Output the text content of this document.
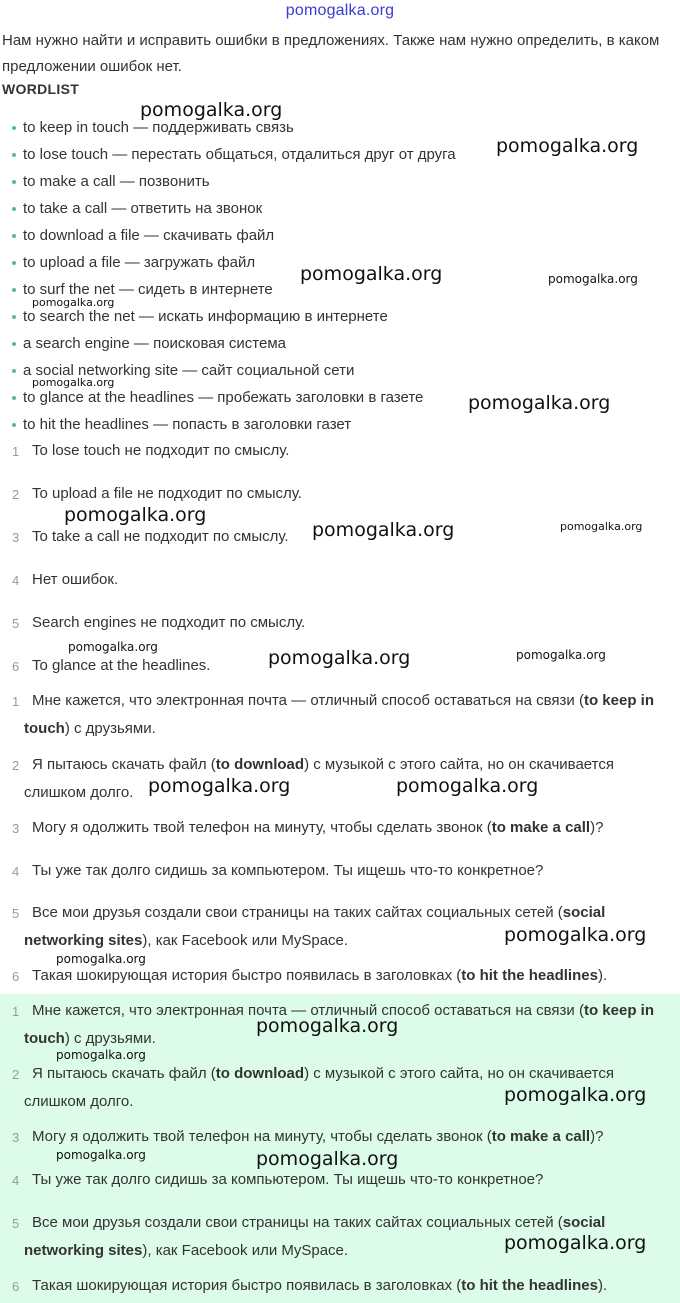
pomogalka.org
Нам нужно найти и исправить ошибки в предложениях. Также нам нужно определить, в каком предложении ошибок нет.
WORDLIST
to keep in touch — поддерживать связь
to lose touch — перестать общаться, отдалиться друг от друга
to make a call — позвонить
to take a call — ответить на звонок
to download a file — скачивать файл
to upload a file — загружать файл
to surf the net — сидеть в интернете
to search the net — искать информацию в интернете
a search engine — поисковая система
a social networking site — сайт социальной сети
to glance at the headlines — пробежать заголовки в газете
to hit the headlines — попасть в заголовки газет
1 To lose touch не подходит по смыслу.
2 To upload a file не подходит по смыслу.
3 To take a call не подходит по смыслу.
4 Нет ошибок.
5 Search engines не подходит по смыслу.
6 To glance at the headlines.
1 Мне кажется, что электронная почта — отличный способ оставаться на связи (to keep in touch) с друзьями.
2 Я пытаюсь скачать файл (to download) с музыкой с этого сайта, но он скачивается слишком долго.
3 Могу я одолжить твой телефон на минуту, чтобы сделать звонок (to make a call)?
4 Ты уже так долго сидишь за компьютером. Ты ищешь что-то конкретное?
5 Все мои друзья создали свои страницы на таких сайтах социальных сетей (social networking sites), как Facebook или MySpace.
6 Такая шокирующая история быстро появилась в заголовках (to hit the headlines).
1 Мне кажется, что электронная почта — отличный способ оставаться на связи (to keep in touch) с друзьями.
2 Я пытаюсь скачать файл (to download) с музыкой с этого сайта, но он скачивается слишком долго.
3 Могу я одолжить твой телефон на минуту, чтобы сделать звонок (to make a call)?
4 Ты уже так долго сидишь за компьютером. Ты ищешь что-то конкретное?
5 Все мои друзья создали свои страницы на таких сайтах социальных сетей (social networking sites), как Facebook или MySpace.
6 Такая шокирующая история быстро появилась в заголовках (to hit the headlines).
pomogalka.org
pomogalka.org
pomogalka.org	pomogalka.org
pomogalka.org
pomogalka.org
pomogalka.org
pomogalka.org
pomogalka.org	pomogalka.org
pomogalka.org	pomogalka.org	pomogalka.org
pomogalka.org	pomogalka.org
pomogalka.org
pomogalka.org
pomogalka.org
pomogalka.org
pomogalka.org
pomogalka.org	pomogalka.org
pomogalka.org
